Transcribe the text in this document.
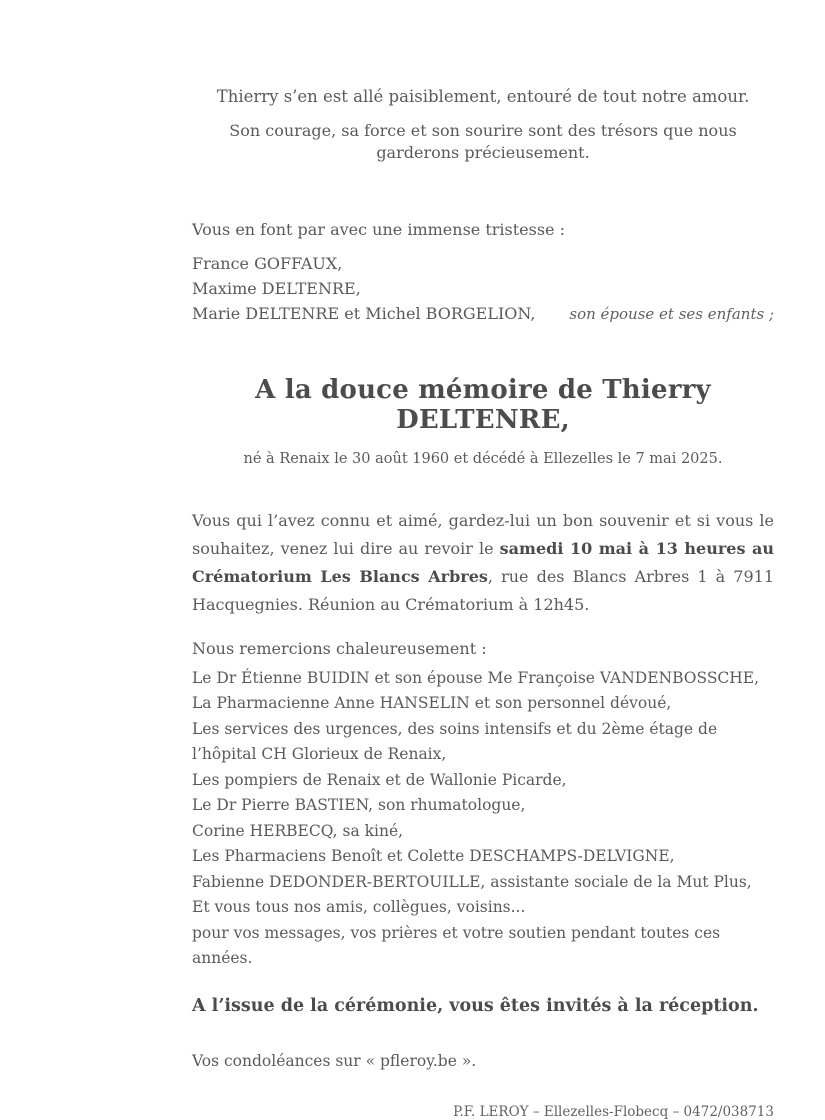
Thierry s’en est allé paisiblement, entouré de tout notre amour.
Son courage, sa force et son sourire sont des trésors que nous garderons précieusement.
Vous en font par avec une immense tristesse :
France GOFFAUX,
Maxime DELTENRE,
Marie DELTENRE et Michel BORGELION, son épouse et ses enfants ;
A la douce mémoire de Thierry DELTENRE,
né à Renaix le 30 août 1960 et décédé à Ellezelles le 7 mai 2025.
Vous qui l’avez connu et aimé, gardez-lui un bon souvenir et si vous le souhaitez, venez lui dire au revoir le samedi 10 mai à 13 heures au Crématorium Les Blancs Arbres, rue des Blancs Arbres 1 à 7911 Hacquegnies. Réunion au Crématorium à 12h45.
Nous remercions chaleureusement :
Le Dr Étienne BUIDIN et son épouse Me Françoise VANDENBOSSCHE,
La Pharmacienne Anne HANSELIN et son personnel dévoué,
Les services des urgences, des soins intensifs et du 2ème étage de l’hôpital CH Glorieux de Renaix,
Les pompiers de Renaix et de Wallonie Picarde,
Le Dr Pierre BASTIEN, son rhumatologue,
Corine HERBECQ, sa kiné,
Les Pharmaciens Benoît et Colette DESCHAMPS-DELVIGNE,
Fabienne DEDONDER-BERTOUILLE, assistante sociale de la Mut Plus,
Et vous tous nos amis, collègues, voisins...
pour vos messages, vos prières et votre soutien pendant toutes ces années.
A l’issue de la cérémonie, vous êtes invités à la réception.
Vos condoléances sur « pfleroy.be ».
P.F. LEROY – Ellezelles-Flobecq – 0472/038713
